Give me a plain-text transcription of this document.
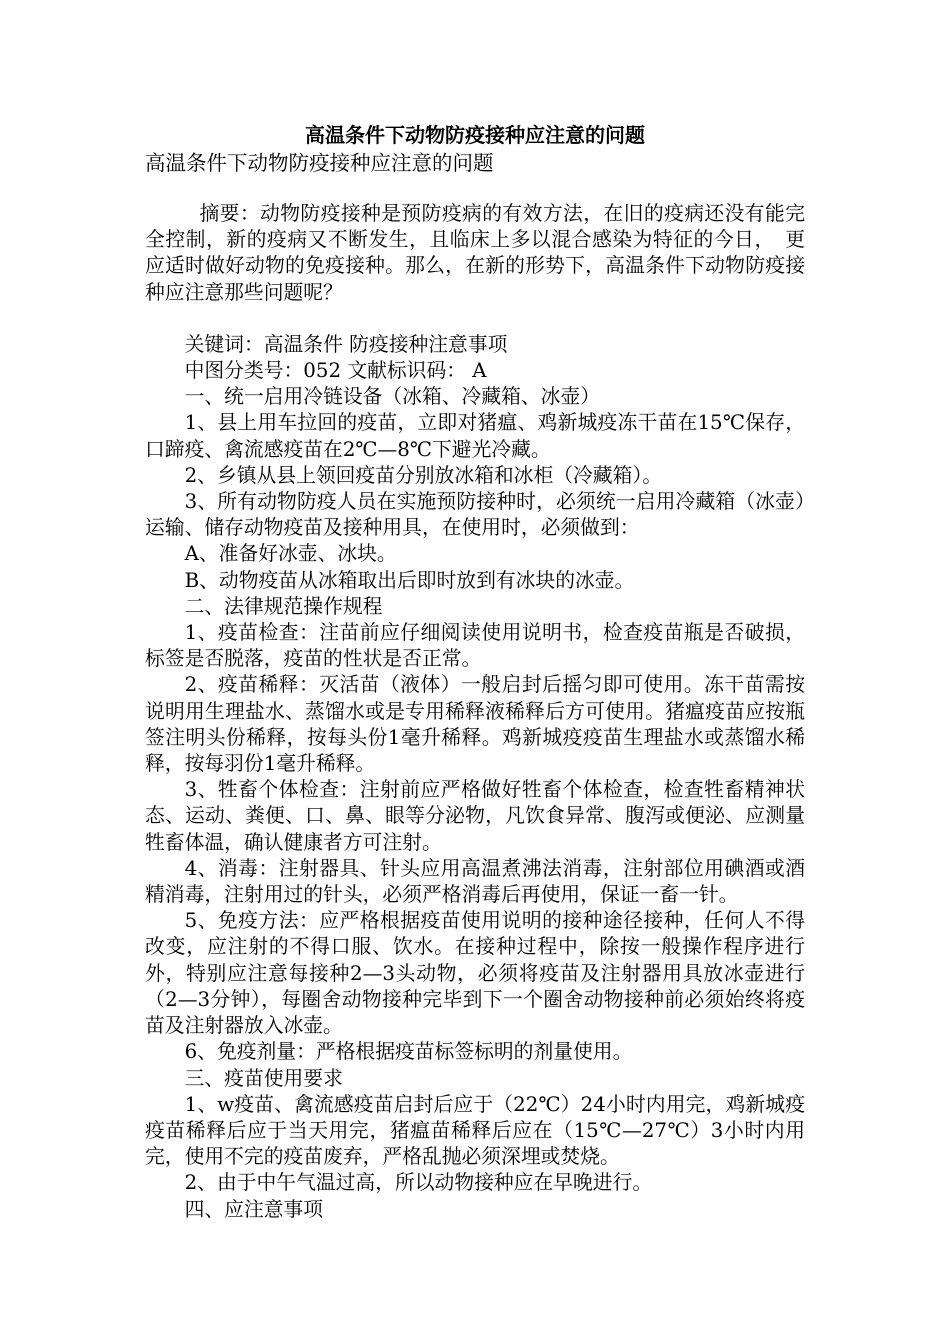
高温条件下动物防疫接种应注意的问题
高温条件下动物防疫接种应注意的问题

摘要：动物防疫接种是预防疫病的有效方法，在旧的疫病还没有能完全控制，新的疫病又不断发生，且临床上多以混合感染为特征的今日，　更应适时做好动物的免疫接种。那么，在新的形势下，高温条件下动物防疫接种应注意那些问题呢？

关键词：高温条件 防疫接种注意事项

中图分类号：052 文献标识码： A

一、统一启用冷链设备（冰箱、冷藏箱、冰壶）

1、县上用车拉回的疫苗，立即对猪瘟、鸡新城疫冻干苗在15℃保存，口蹄疫、禽流感疫苗在2℃—8℃下避光冷藏。

2、乡镇从县上领回疫苗分别放冰箱和冰柜（冷藏箱）。

3、所有动物防疫人员在实施预防接种时，必须统一启用冷藏箱（冰壶）运输、储存动物疫苗及接种用具，在使用时，必须做到：

A、准备好冰壶、冰块。

B、动物疫苗从冰箱取出后即时放到有冰块的冰壶。

二、法律规范操作规程

1、疫苗检查：注苗前应仔细阅读使用说明书，检查疫苗瓶是否破损，标签是否脱落，疫苗的性状是否正常。

2、疫苗稀释：灭活苗（液体）一般启封后摇匀即可使用。冻干苗需按说明用生理盐水、蒸馏水或是专用稀释液稀释后方可使用。猪瘟疫苗应按瓶签注明头份稀释，按每头份1毫升稀释。鸡新城疫疫苗生理盐水或蒸馏水稀释，按每羽份1毫升稀释。

3、牲畜个体检查：注射前应严格做好牲畜个体检查，检查牲畜精神状态、运动、粪便、口、鼻、眼等分泌物，凡饮食异常、腹泻或便泌、应测量牲畜体温，确认健康者方可注射。

4、消毒：注射器具、针头应用高温煮沸法消毒，注射部位用碘酒或酒精消毒，注射用过的针头，必须严格消毒后再使用，保证一畜一针。

5、免疫方法：应严格根据疫苗使用说明的接种途径接种，任何人不得改变，应注射的不得口服、饮水。在接种过程中，除按一般操作程序进行外，特别应注意每接种2—3头动物，必须将疫苗及注射器用具放冰壶进行（2—3分钟），每圈舍动物接种完毕到下一个圈舍动物接种前必须始终将疫苗及注射器放入冰壶。

6、免疫剂量：严格根据疫苗标签标明的剂量使用。

三、疫苗使用要求

1、w疫苗、禽流感疫苗启封后应于（22℃）24小时内用完，鸡新城疫疫苗稀释后应于当天用完，猪瘟苗稀释后应在（15℃—27℃）3小时内用完，使用不完的疫苗废弃，严格乱抛必须深埋或焚烧。

2、由于中午气温过高，所以动物接种应在早晚进行。

四、应注意事项
